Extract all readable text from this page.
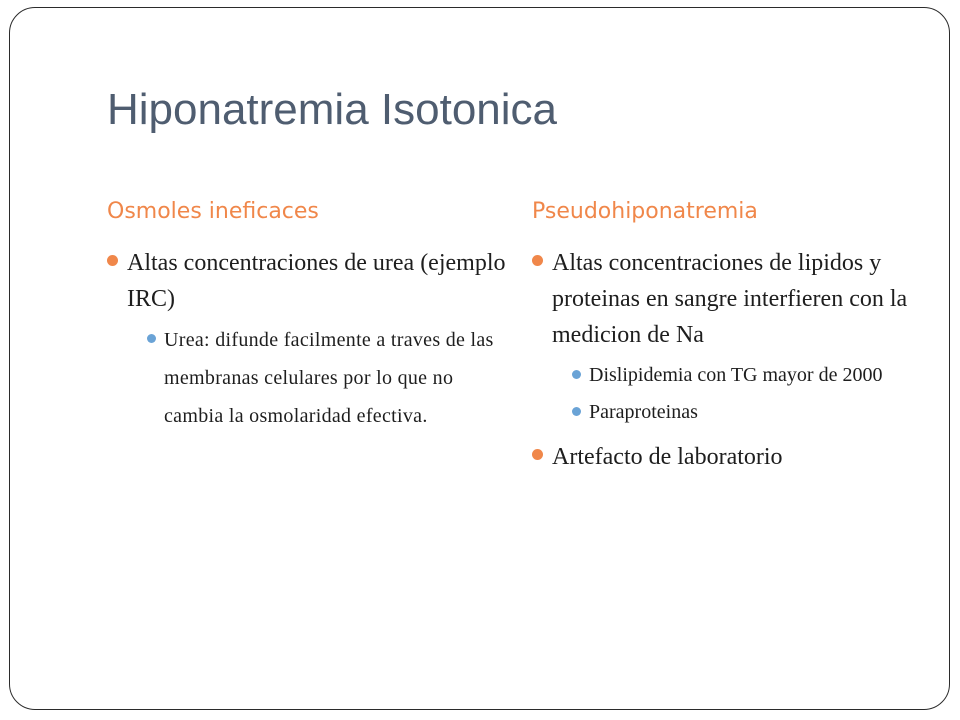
Hiponatremia Isotonica
Osmoles ineficaces	Pseudohiponatremia
Altas concentraciones de urea (ejemplo IRC)
Urea: difunde facilmente a traves de las membranas celulares por lo que no cambia la osmolaridad efectiva.
Altas concentraciones de lipidos y proteinas en sangre interfieren con la medicion de Na
Dislipidemia con TG mayor de 2000
Paraproteinas
Artefacto de laboratorio
